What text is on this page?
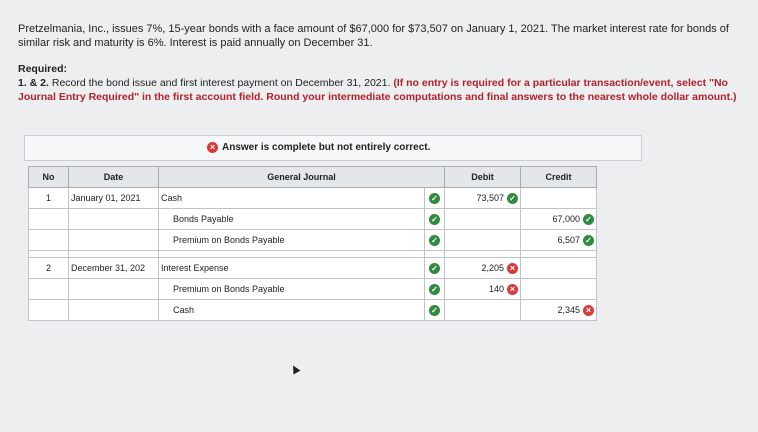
Pretzelmania, Inc., issues 7%, 15-year bonds with a face amount of $67,000 for $73,507 on January 1, 2021. The market interest rate for bonds of similar risk and maturity is 6%. Interest is paid annually on December 31.
Required:
1. & 2. Record the bond issue and first interest payment on December 31, 2021. (If no entry is required for a particular transaction/event, select "No Journal Entry Required" in the first account field. Round your intermediate computations and final answers to the nearest whole dollar amount.)
× Answer is complete but not entirely correct.
No	Date	General Journal		Debit	Credit
1	January 01, 2021	Cash	✓	73,507 ✓	

		Bonds Payable	✓		67,000 ✓

		Premium on Bonds Payable	✓		6,507 ✓

2	December 31, 202	Interest Expense	✓	2,205 ×	

		Premium on Bonds Payable	✓	140 ×	

		Cash	✓		2,345 ×
